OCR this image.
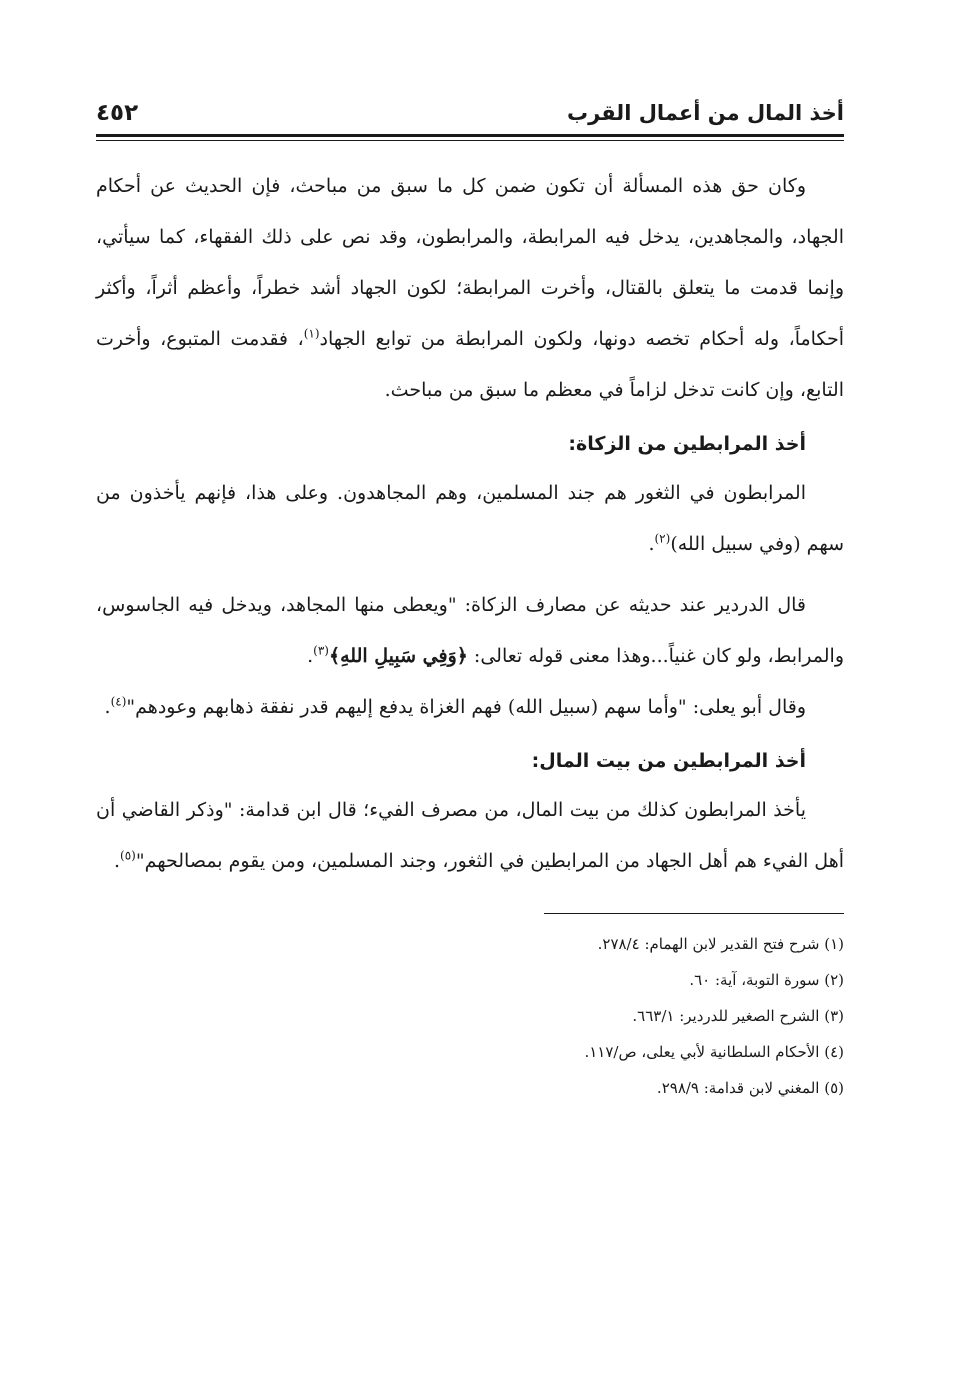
أخذ المال من أعمال القرب
٤٥٢

وكان حق هذه المسألة أن تكون ضمن كل ما سبق من مباحث، فإن الحديث عن أحكام الجهاد، والمجاهدين، يدخل فيه المرابطة، والمرابطون، وقد نص على ذلك الفقهاء، كما سيأتي، وإنما قدمت ما يتعلق بالقتال، وأخرت المرابطة؛ لكون الجهاد أشد خطراً، وأعظم أثراً، وأكثر أحكاماً، وله أحكام تخصه دونها، ولكون المرابطة من توابع الجهاد$^{(١)}$، فقدمت المتبوع، وأخرت التابع، وإن كانت تدخل لزاماً في معظم ما سبق من مباحث.

أخذ المرابطين من الزكاة:

المرابطون في الثغور هم جند المسلمين، وهم المجاهدون. وعلى هذا، فإنهم يأخذون من سهم (وفي سبيل الله)$^{(٢)}$.

قال الدردير عند حديثه عن مصارف الزكاة: "ويعطى منها المجاهد، ويدخل فيه الجاسوس، والمرابط، ولو كان غنياً...وهذا معنى قوله تعالى: ﴿وَفِي سَبِيلِ اللهِ﴾$^{(٣)}$.

وقال أبو يعلى: "وأما سهم (سبيل الله) فهم الغزاة يدفع إليهم قدر نفقة ذهابهم وعودهم"$^{(٤)}$.

أخذ المرابطين من بيت المال:

يأخذ المرابطون كذلك من بيت المال، من مصرف الفيء؛ قال ابن قدامة: "وذكر القاضي أن أهل الفيء هم أهل الجهاد من المرابطين في الثغور، وجند المسلمين، ومن يقوم بمصالحهم"$^{(٥)}$.

(١) شرح فتح القدير لابن الهمام: ٢٧٨/٤.
(٢) سورة التوبة، آية: ٦٠.
(٣) الشرح الصغير للدردير: ٦٦٣/١.
(٤) الأحكام السلطانية لأبي يعلى، ص/١١٧.
(٥) المغني لابن قدامة: ٢٩٨/٩.
